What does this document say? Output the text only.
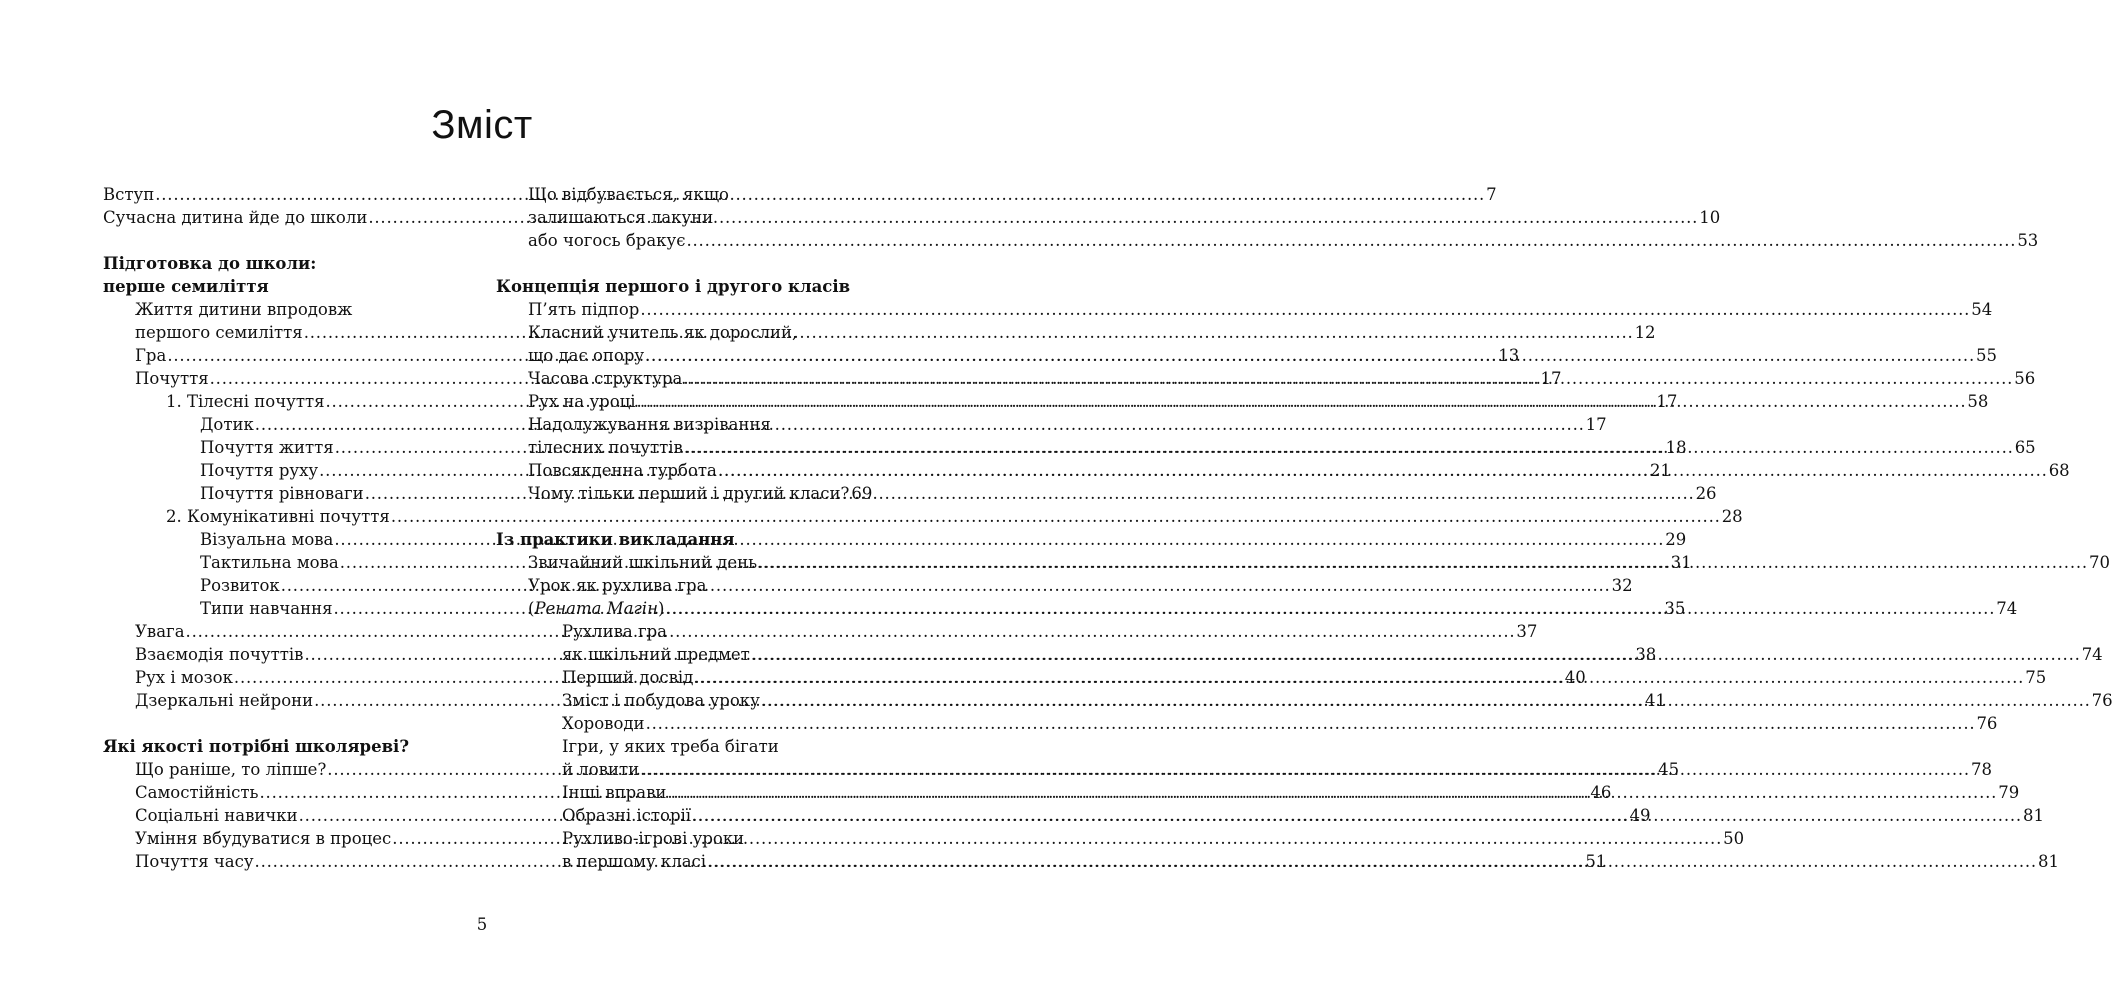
Зміст
Вступ .....	7
Сучасна дитина йде до школи .....	10
Підготовка до школи:
перше семиліття
Життя дитини впродовж
першого семиліття .....	12
Гра .....	13
Почуття .....	17
1. Тілесні почуття .....	17
Дотик .....	17
Почуття життя .....	18
Почуття руху .....	21
Почуття рівноваги .....	26
2. Комунікативні почуття .....	28
Візуальна мова .....	29
Тактильна мова .....	31
Розвиток .....	32
Типи навчання .....	35
Увага .....	37
Взаємодія почуттів .....	38
Рух і мозок .....	40
Дзеркальні нейрони .....	41
Які якості потрібні школяреві?
Що раніше, то ліпше? .....	45
Самостійність .....	46
Соціальні навички .....	49
Уміння вбудуватися в процес .....	50
Почуття часу .....	51
Що відбувається, якщо
залишаються лакуни
або чогось бракує .....	53
Концепція першого і другого класів
П’ять підпор .....	54
Класний учитель як дорослий,
що дає опору .....	55
Часова структура .....	56
Рух на уроці .....	58
Надолужування визрівання
тілесних почуттів .....	65
Повсякденна турбота .....	68
Чому тільки перший і другий класи? 69
Із практики викладання
Звичайний шкільний день .....	70
Урок як рухлива гра
(Рената Магін) .....	74
Рухлива гра
як шкільний предмет .....	74
Перший досвід .....	75
Зміст і побудова уроку .....	76
Хороводи .....	76
Ігри, у яких треба бігати
й ловити .....	78
Інші вправи .....	79
Образні історії .....	81
Рухливо-ігрові уроки
в першому класі .....	81
5
